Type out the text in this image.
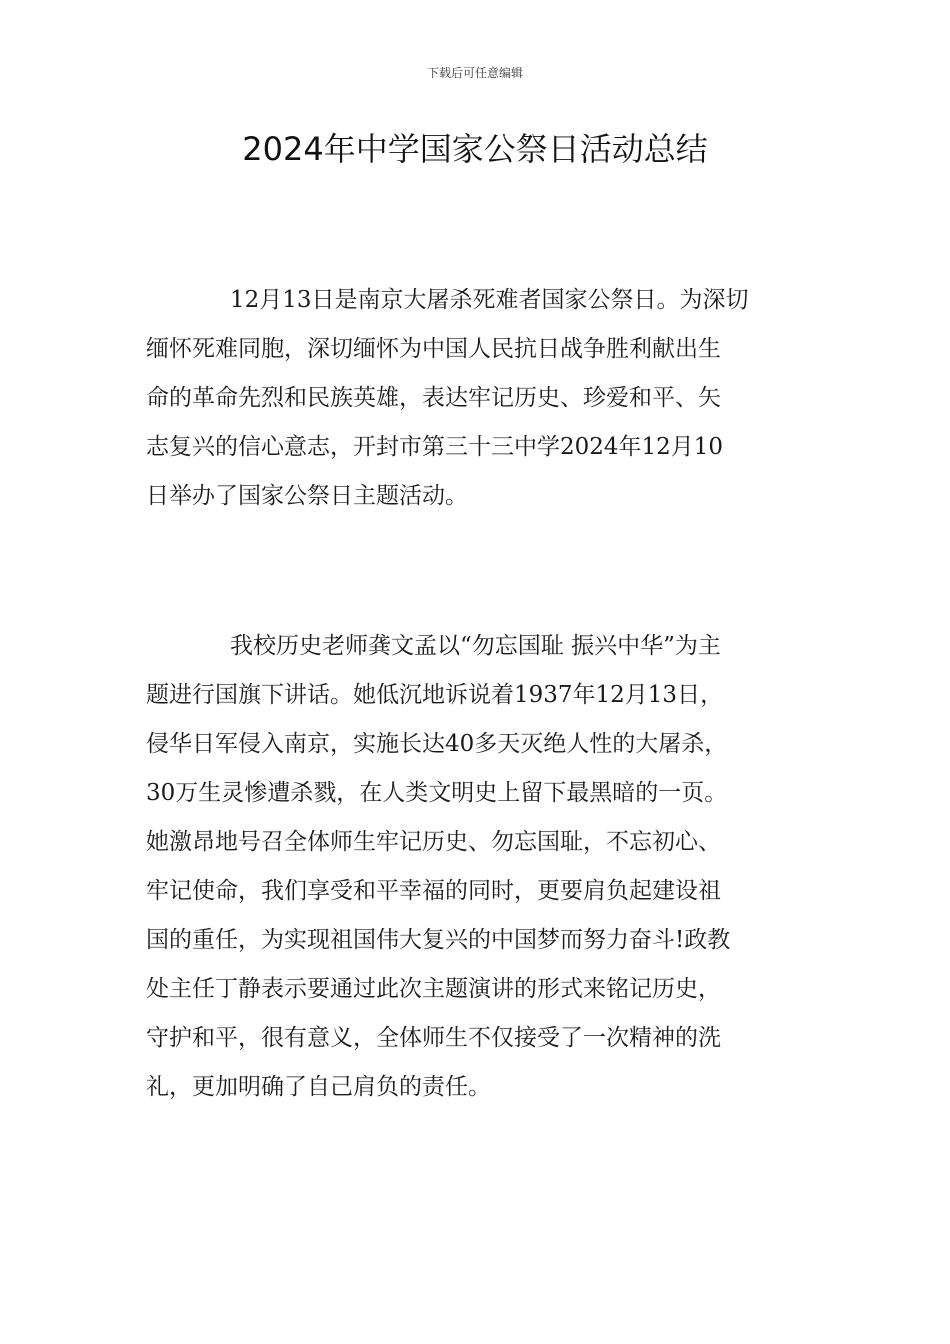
下载后可任意编辑
2024年中学国家公祭日活动总结

12月13日是南京大屠杀死难者国家公祭日。为深切
缅怀死难同胞，深切缅怀为中国人民抗日战争胜利献出生
命的革命先烈和民族英雄，表达牢记历史、珍爱和平、矢
志复兴的信心意志，开封市第三十三中学2024年12月10
日举办了国家公祭日主题活动。

我校历史老师龚文孟以“勿忘国耻 振兴中华”为主
题进行国旗下讲话。她低沉地诉说着1937年12月13日，
侵华日军侵入南京，实施长达40多天灭绝人性的大屠杀，
30万生灵惨遭杀戮，在人类文明史上留下最黑暗的一页。
她激昂地号召全体师生牢记历史、勿忘国耻，不忘初心、
牢记使命，我们享受和平幸福的同时，更要肩负起建设祖
国的重任，为实现祖国伟大复兴的中国梦而努力奋斗!政教
处主任丁静表示要通过此次主题演讲的形式来铭记历史，
守护和平，很有意义，全体师生不仅接受了一次精神的洗
礼，更加明确了自己肩负的责任。
